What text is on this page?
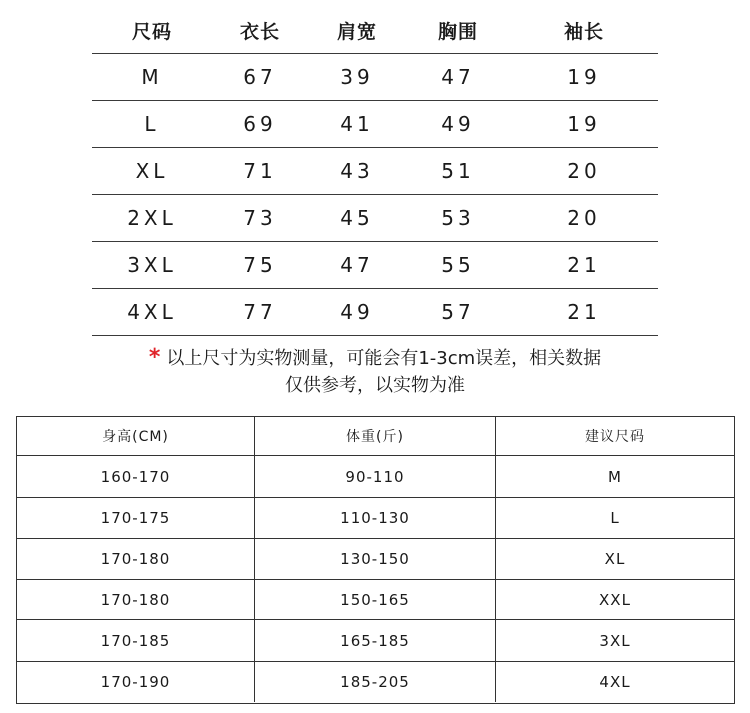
尺码	衣长	肩宽	胸围	袖长
M	67	39	47	19
L	69	41	49	19
XL	71	43	51	20
2XL	73	45	53	20
3XL	75	47	55	21
4XL	77	49	57	21
* 以上尺寸为实物测量，可能会有1-3cm误差，相关数据
仅供参考，以实物为准
身高(CM)	体重(斤)	建议尺码
160-170	90-110	M
170-175	110-130	L
170-180	130-150	XL
170-180	150-165	XXL
170-185	165-185	3XL
170-190	185-205	4XL
